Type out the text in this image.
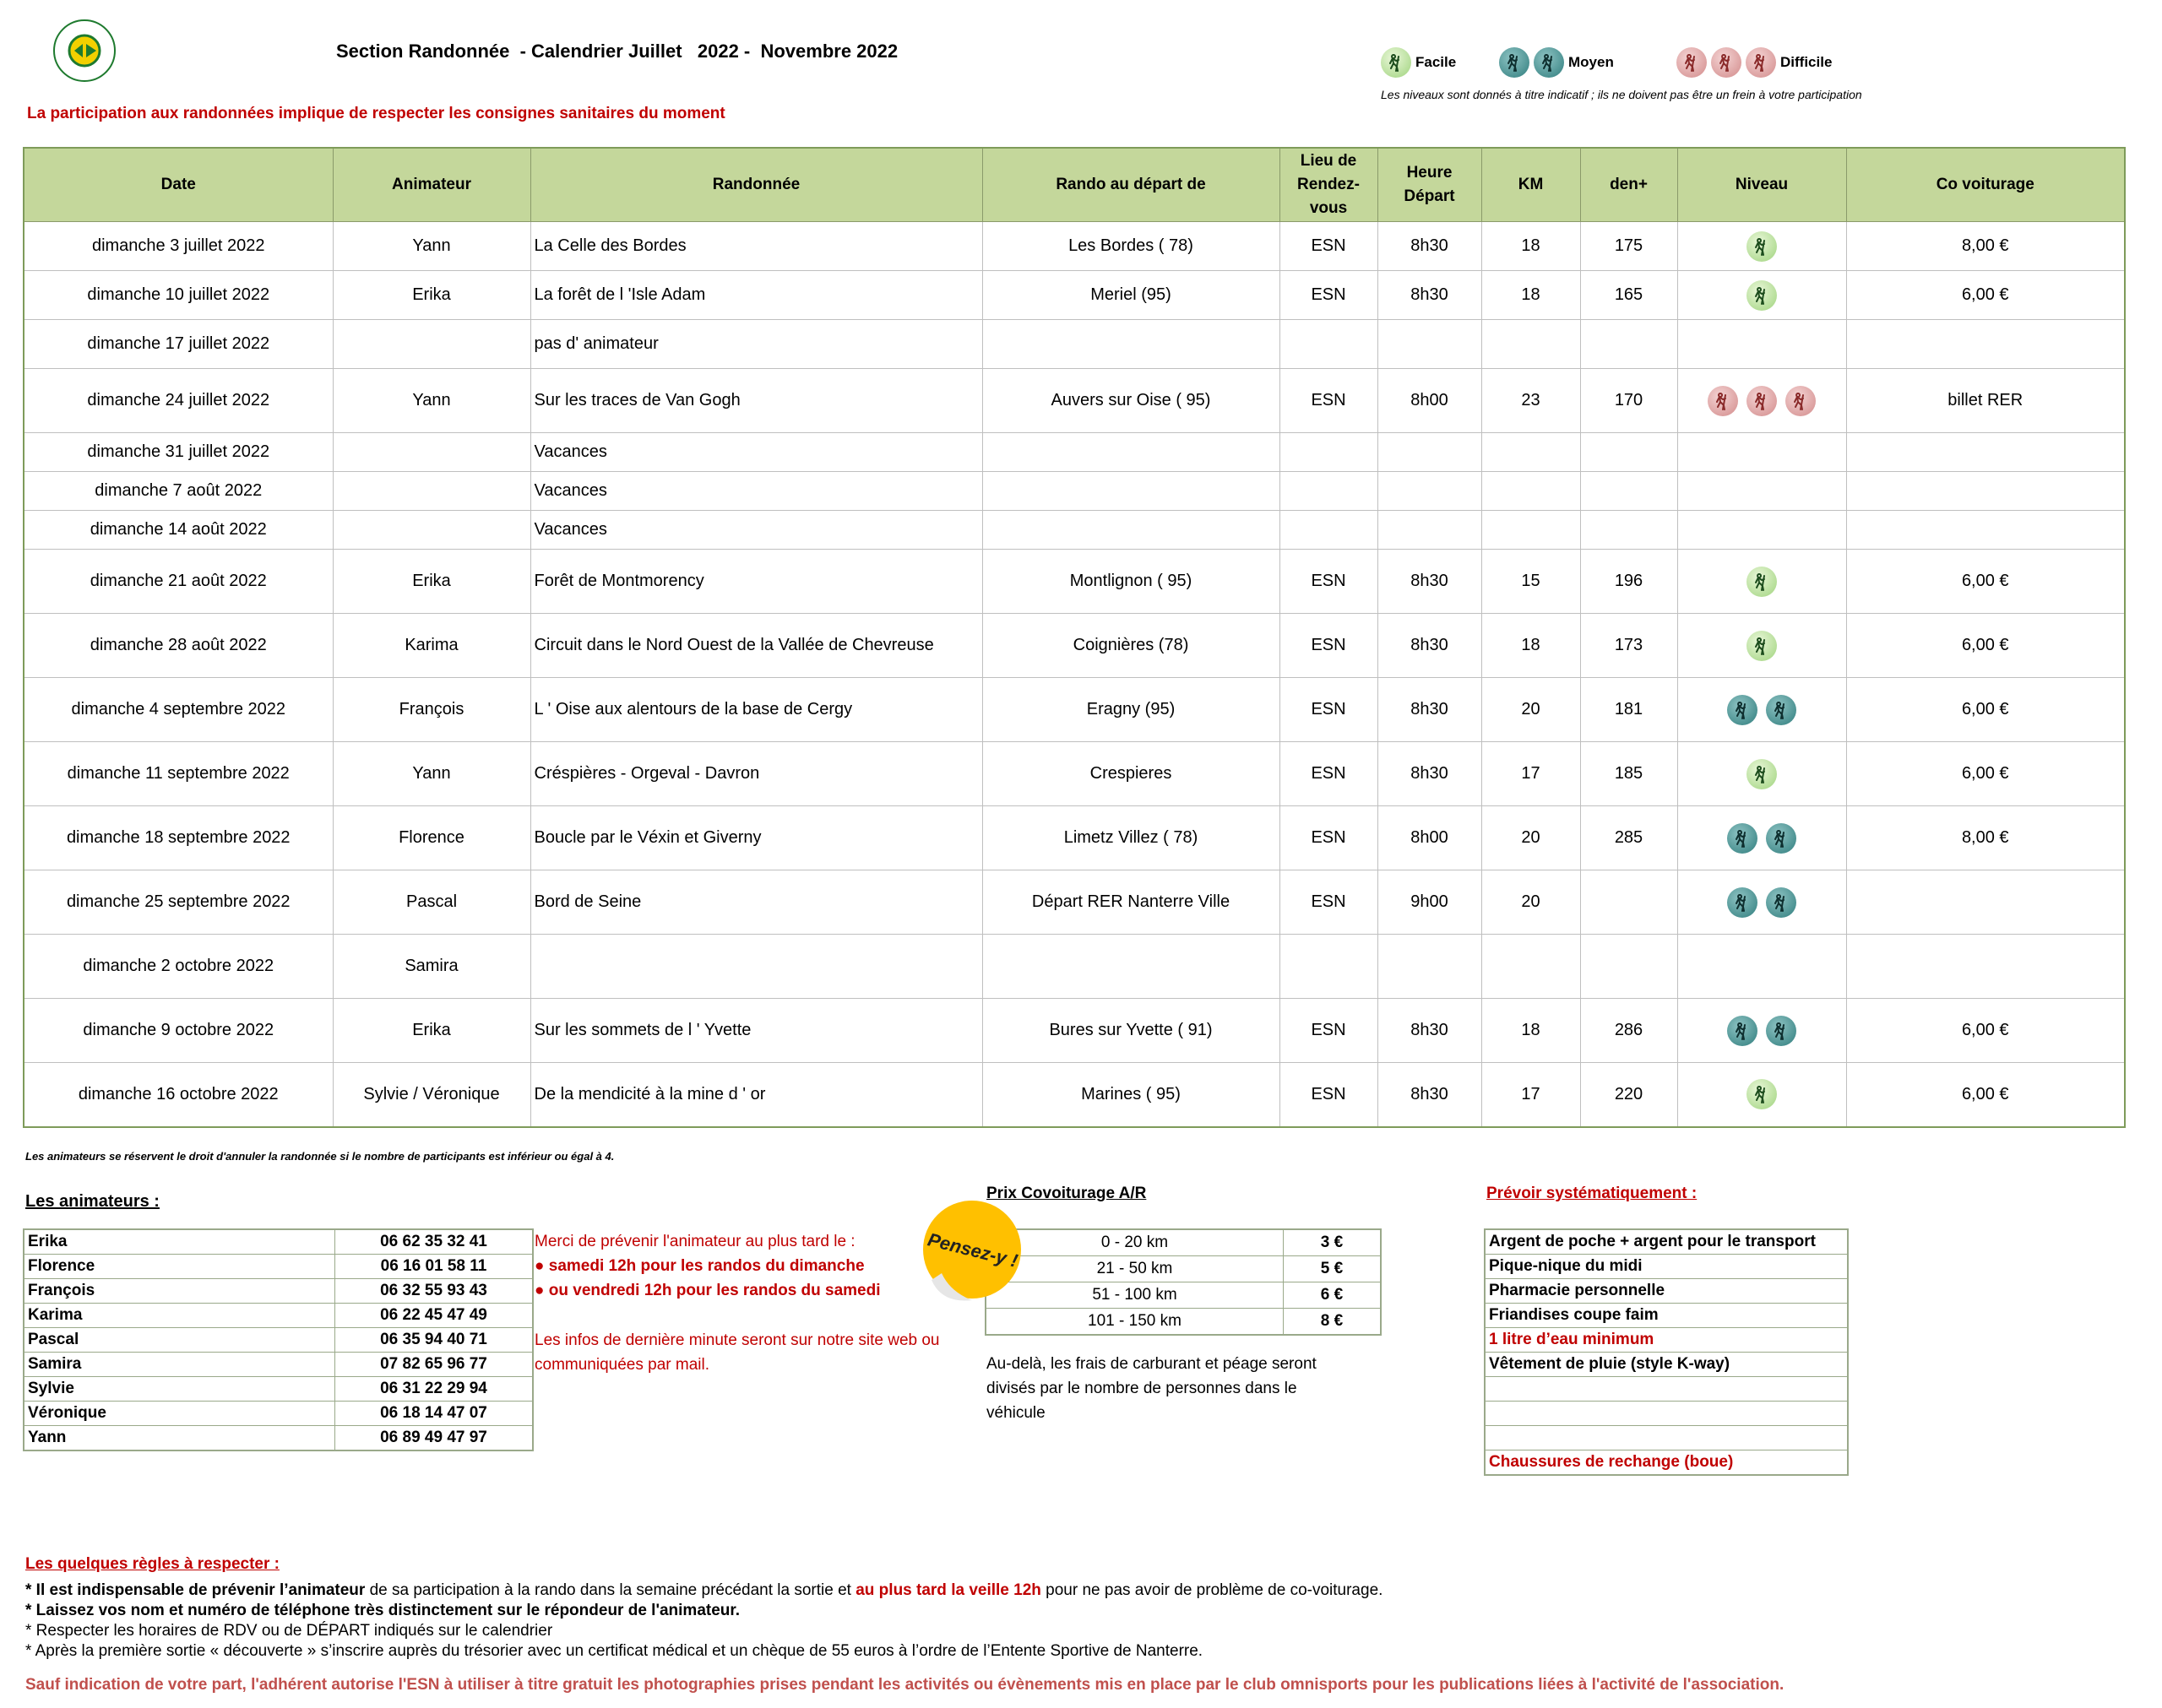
Section Randonnée  - Calendrier Juillet   2022 -  Novembre 2022
La participation aux randonnées implique de respecter les consignes sanitaires du moment
Facile	Moyen	Difficile
Les niveaux sont donnés à titre indicatif ; ils ne doivent pas être un frein à votre participation
Date	Animateur	Randonnée	Rando au départ de	Lieu de Rendez-vous	Heure Départ	KM	den+	Niveau	Co voiturage
dimanche 3 juillet 2022	Yann	La Celle des Bordes	Les Bordes ( 78)	ESN	8h30	18	175		8,00 €
dimanche 10 juillet 2022	Erika	La forêt de l 'Isle Adam	Meriel (95)	ESN	8h30	18	165		6,00 €
dimanche 17 juillet 2022		pas d' animateur							
dimanche 24 juillet 2022	Yann	Sur les traces de Van Gogh	Auvers sur Oise ( 95)	ESN	8h00	23	170		billet RER
dimanche 31 juillet 2022		Vacances							
dimanche 7 août 2022		Vacances							
dimanche 14 août 2022		Vacances							
dimanche 21 août 2022	Erika	Forêt de Montmorency	Montlignon ( 95)	ESN	8h30	15	196		6,00 €
dimanche 28 août 2022	Karima	Circuit dans le Nord Ouest de la Vallée de Chevreuse	Coignières (78)	ESN	8h30	18	173		6,00 €
dimanche 4 septembre 2022	François	L ' Oise aux alentours de la base de Cergy	Eragny (95)	ESN	8h30	20	181		6,00 €
dimanche 11 septembre 2022	Yann	Créspières - Orgeval - Davron	Crespieres	ESN	8h30	17	185		6,00 €
dimanche 18 septembre 2022	Florence	Boucle par le Véxin et Giverny	Limetz Villez ( 78)	ESN	8h00	20	285		8,00 €
dimanche 25 septembre 2022	Pascal	Bord de Seine	Départ RER Nanterre Ville	ESN	9h00	20		

dimanche 2 octobre 2022	Samira								
dimanche 9 octobre 2022	Erika	Sur les sommets de l ' Yvette	Bures sur Yvette ( 91)	ESN	8h30	18	286		6,00 €
dimanche 16 octobre 2022	Sylvie / Véronique	De la mendicité à la mine d ' or	Marines ( 95)	ESN	8h30	17	220		6,00 €
Les animateurs se réservent le droit d'annuler la randonnée si le nombre de participants est inférieur ou égal à 4.
Les animateurs :
Erika	06 62 35 32 41
Florence	06 16 01 58 11
François	06 32 55 93 43
Karima	06 22 45 47 49
Pascal	06 35 94 40 71
Samira	07 82 65 96 77
Sylvie	06 31 22 29 94
Véronique	06 18 14 47 07
Yann	06 89 49 47 97
Merci de prévenir l'animateur au plus tard le :
● samedi 12h pour les randos du dimanche
● ou vendredi 12h pour les randos du samedi
Les infos de dernière minute seront sur notre site web ou
communiquées par mail.
Prix Covoiturage A/R
0 - 20 km	3 €
21 - 50 km	5 €
51 - 100 km	6 €
101 - 150 km	8 €
Au-delà, les frais de carburant et péage seront divisés par le nombre de personnes dans le véhicule
Pensez-y !
Prévoir systématiquement :
Argent de poche + argent pour le transport
Pique-nique du midi
Pharmacie personnelle
Friandises coupe faim
1 litre d’eau minimum
Vêtement de pluie (style K-way)

Chaussures de rechange (boue)
Les quelques règles à respecter :
* Il est indispensable de prévenir l’animateur de sa participation à la rando dans la semaine précédant la sortie et au plus tard la veille 12h pour ne pas avoir de problème de co-voiturage.
* Laissez vos nom et numéro de téléphone très distinctement sur le répondeur de l'animateur.
* Respecter les horaires de RDV ou de DÉPART indiqués sur le calendrier
* Après la première sortie « découverte » s’inscrire auprès du trésorier avec un certificat médical et un chèque de 55 euros à l’ordre de l’Entente Sportive de Nanterre.
Sauf indication de votre part, l'adhérent autorise l'ESN à utiliser à titre gratuit les photographies prises pendant les activités ou évènements mis en place par le club omnisports pour les publications liées à l'activité de l'association.
